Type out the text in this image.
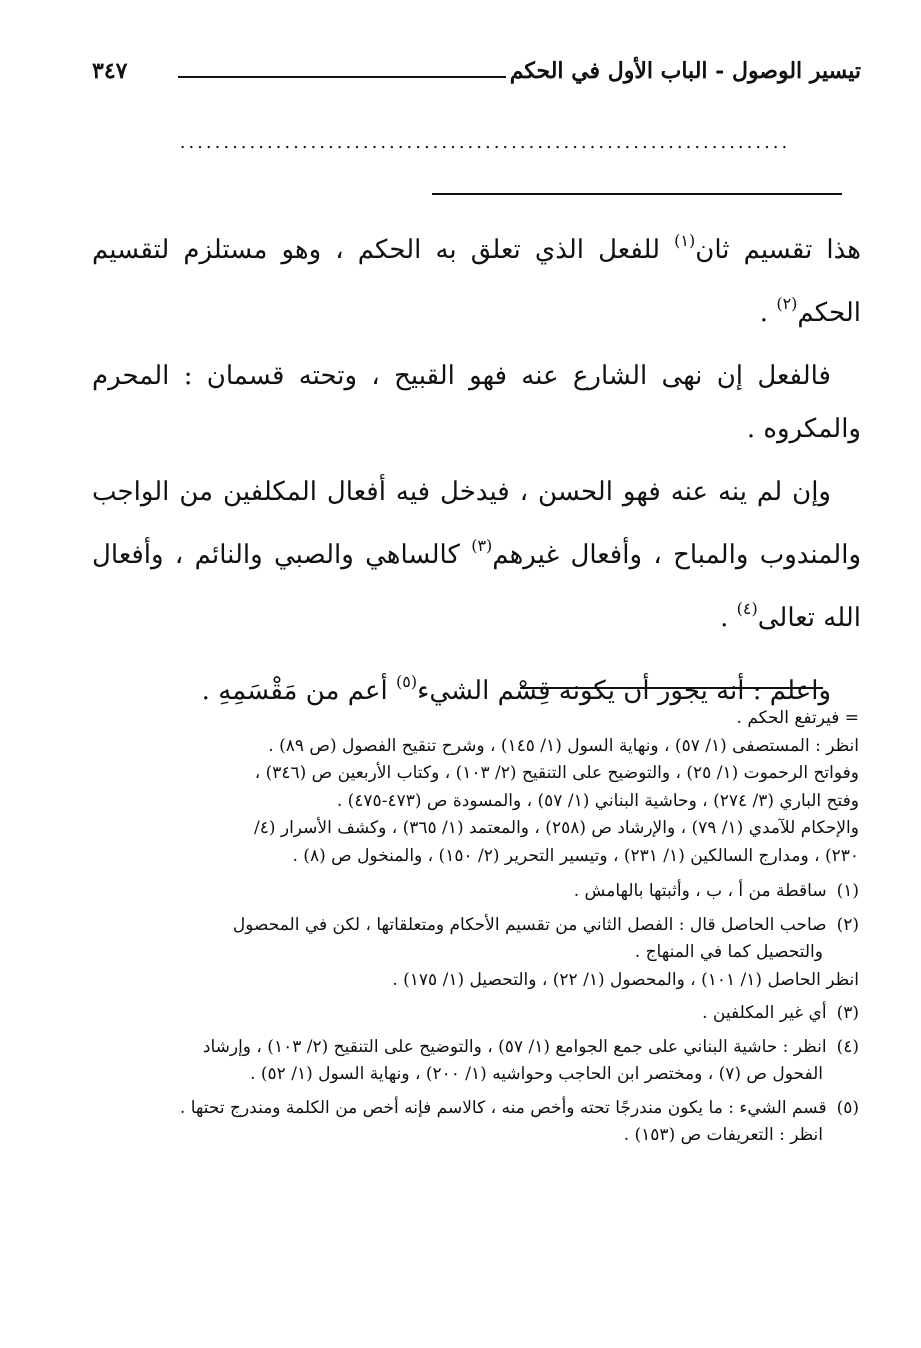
تيسير الوصول - الباب الأول في الحكم
٣٤٧
......................................................................

هذا تقسيم ثان$^{(١)}$ للفعل الذي تعلق به الحكم ، وهو مستلزم لتقسيم الحكم$^{(٢)}$ .

فالفعل إن نهى الشارع عنه فهو القبيح ، وتحته قسمان : المحرم والمكروه .

وإن لم ينه عنه فهو الحسن ، فيدخل فيه أفعال المكلفين من الواجب والمندوب والمباح ، وأفعال غيرهم$^{(٣)}$ كالساهي والصبي والنائم ، وأفعال الله تعالى$^{(٤)}$ .

واعلم : أنه يجوز أن يكونه قِسْم الشيء$^{(٥)}$ أعم من مَقْسَمِهِ .

= فيرتفع الحكم .

انظر : المستصفى (١/ ٥٧) ، ونهاية السول (١/ ١٤٥) ، وشرح تنقيح الفصول (ص ٨٩) .

وفواتح الرحموت (١/ ٢٥) ، والتوضيح على التنقيح (٢/ ١٠٣) ، وكتاب الأربعين ص (٣٤٦) ،

وفتح الباري (٣/ ٢٧٤) ، وحاشية البناني (١/ ٥٧) ، والمسودة ص (٤٧٣-٤٧٥) .

والإحكام للآمدي (١/ ٧٩) ، والإرشاد ص (٢٥٨) ، والمعتمد (١/ ٣٦٥) ، وكشف الأسرار (٤/

٢٣٠) ، ومدارج السالكين (١/ ٢٣١) ، وتيسير التحرير (٢/ ١٥٠) ، والمنخول ص (٨) .

(١)ساقطة من أ ، ب ، وأثبتها بالهامش .

(٢)صاحب الحاصل قال : الفصل الثاني من تقسيم الأحكام ومتعلقاتها ، لكن في المحصول

والتحصيل كما في المنهاج .

انظر الحاصل (١/ ١٠١) ، والمحصول (١/ ٢٢) ، والتحصيل (١/ ١٧٥) .

(٣)أي غير المكلفين .

(٤)انظر : حاشية البناني على جمع الجوامع (١/ ٥٧) ، والتوضيح على التنقيح (٢/ ١٠٣) ، وإرشاد

الفحول ص (٧) ، ومختصر ابن الحاجب وحواشيه (١/ ٢٠٠) ، ونهاية السول (١/ ٥٢) .

(٥)قسم الشيء : ما يكون مندرجًا تحته وأخص منه ، كالاسم فإنه أخص من الكلمة ومندرج تحتها .

انظر : التعريفات ص (١٥٣) .
